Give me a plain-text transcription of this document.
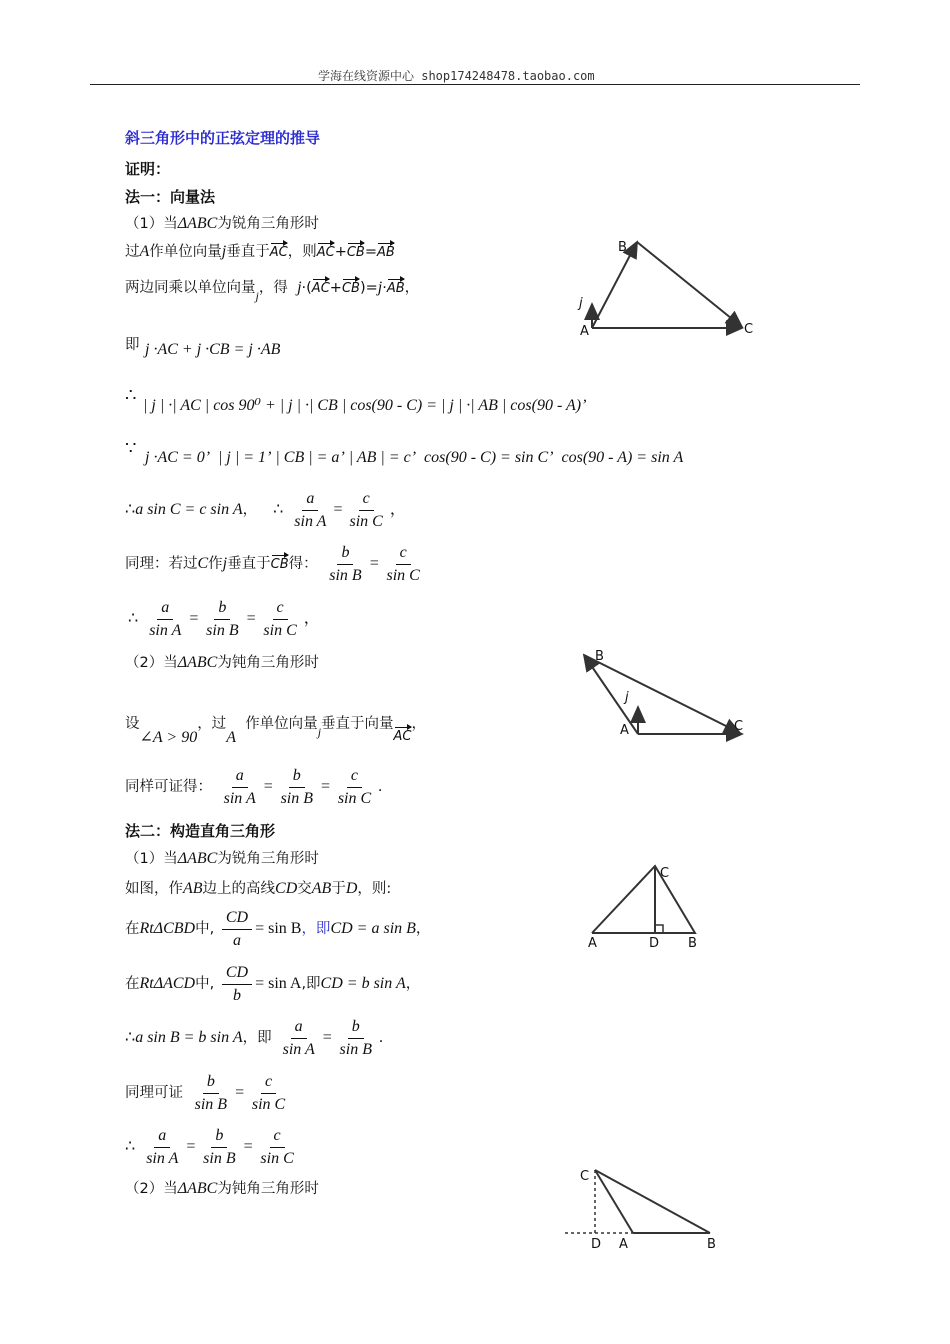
学海在线资源中心 shop174248478.taobao.com
斜三角形中的正弦定理的推导
证明：
法一：向量法
（1）当ΔABC为锐角三角形时
过A作单位向量j垂直于AC，则AC+CB=AB
两边同乘以单位向量$_j$，得 j·(AC+CB)=j·AB，
即 j ·AC + j ·CB = j ·AB
∴
| j | ·| AC | cos 90⁰ + | j | ·| CB | cos(90 - C) = | j | ·| AB | cos(90 - A)’
∵ j ·AC = 0’ | j | = 1’ | CB | = a’ | AB | = c’ cos(90 - C) = sin C’ cos(90 - A) = sin A
∴a sin C = c sin A， ∴ $\frac{a}{\text{sin A}} = \frac{c}{\text{sin C}}$ ，
同理：若过C作j垂直于CB得： $\frac{b}{\text{sin B}} = \frac{c}{\text{sin C}}$
∴ $\frac{a}{\text{sin A}} = \frac{b}{\text{sin B}} = \frac{c}{\text{sin C}}$ ，
（2）当ΔABC为钝角三角形时
设∠A > 90，过A  作单位向量$_j$垂直于向量AC，
同样可证得： $\frac{a}{\text{sin A}} = \frac{b}{\text{sin B}} = \frac{c}{\text{sin C}}$ .
法二：构造直角三角形
（1）当ΔABC为锐角三角形时
如图，作AB边上的高线CD交AB于D，则:
在RtΔCBD中, $\frac{CD}{a} = \sin B$，即CD = a sin B，
在RtΔACD中, $\frac{CD}{b} = \sin A$,即CD = b sin A，
∴a sin B = b sin A，即 $\frac{a}{\text{sin A}} = \frac{b}{\text{sin B}}$ .
同理可证 $\frac{b}{\text{sin B}} = \frac{c}{\text{sin C}}$
∴ $\frac{a}{\text{sin A}} = \frac{b}{\text{sin B}} = \frac{c}{\text{sin C}}$
（2）当ΔABC为钝角三角形时
B
j
A	C
B
j
A	C
C
A	D B
C
D A	B
